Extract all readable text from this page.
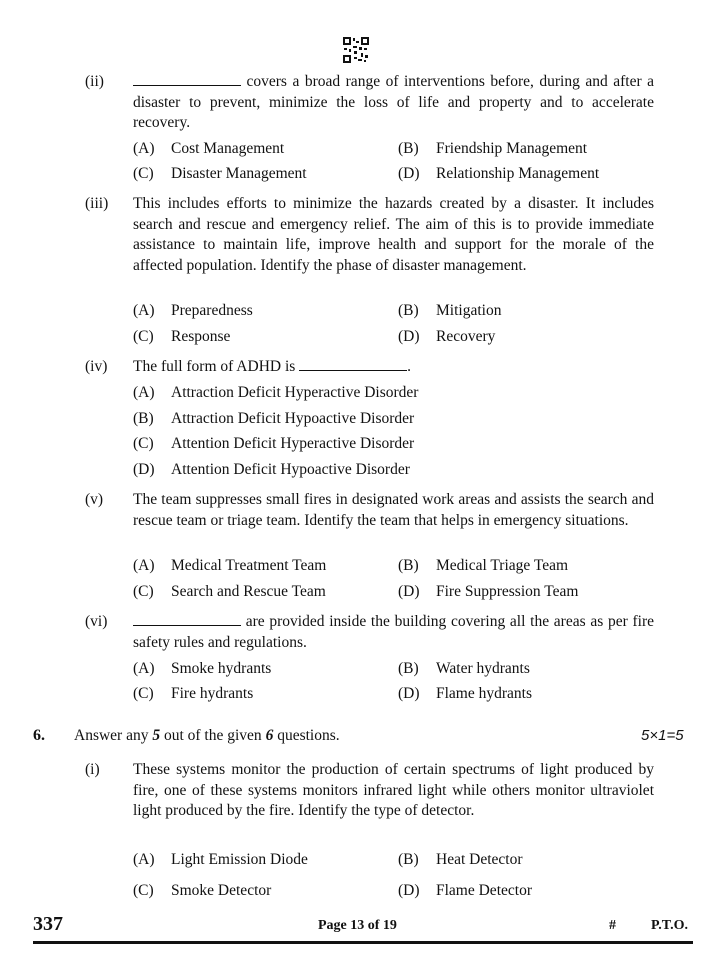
(ii)	covers a broad range of interventions before, during and after a disaster to prevent, minimize the loss of life and property and to accelerate recovery.
(A) Cost Management	(B) Friendship Management
(C) Disaster Management	(D) Relationship Management
(iii) This includes efforts to minimize the hazards created by a disaster. It includes search and rescue and emergency relief. The aim of this is to provide immediate assistance to maintain life, improve health and support for the morale of the affected population. Identify the phase of disaster management.
(A) Preparedness	(B) Mitigation
(C) Response	(D) Recovery
(iv) The full form of ADHD is	.
(A) Attraction Deficit Hyperactive Disorder
(B) Attraction Deficit Hypoactive Disorder
(C) Attention Deficit Hyperactive Disorder
(D) Attention Deficit Hypoactive Disorder
(v) The team suppresses small fires in designated work areas and assists the search and rescue team or triage team. Identify the team that helps in emergency situations.
(A) Medical Treatment Team	(B) Medical Triage Team
(C) Search and Rescue Team	(D) Fire Suppression Team
(vi)	are provided inside the building covering all the areas as per fire safety rules and regulations.
(A) Smoke hydrants	(B) Water hydrants
(C) Fire hydrants	(D) Flame hydrants
6. Answer any 5 out of the given 6 questions.	5×1=5
(i) These systems monitor the production of certain spectrums of light produced by fire, one of these systems monitors infrared light while others monitor ultraviolet light produced by the fire. Identify the type of detector.
(A) Light Emission Diode	(B) Heat Detector
(C) Smoke Detector	(D) Flame Detector
337	Page 13 of 19	#	P.T.O.
